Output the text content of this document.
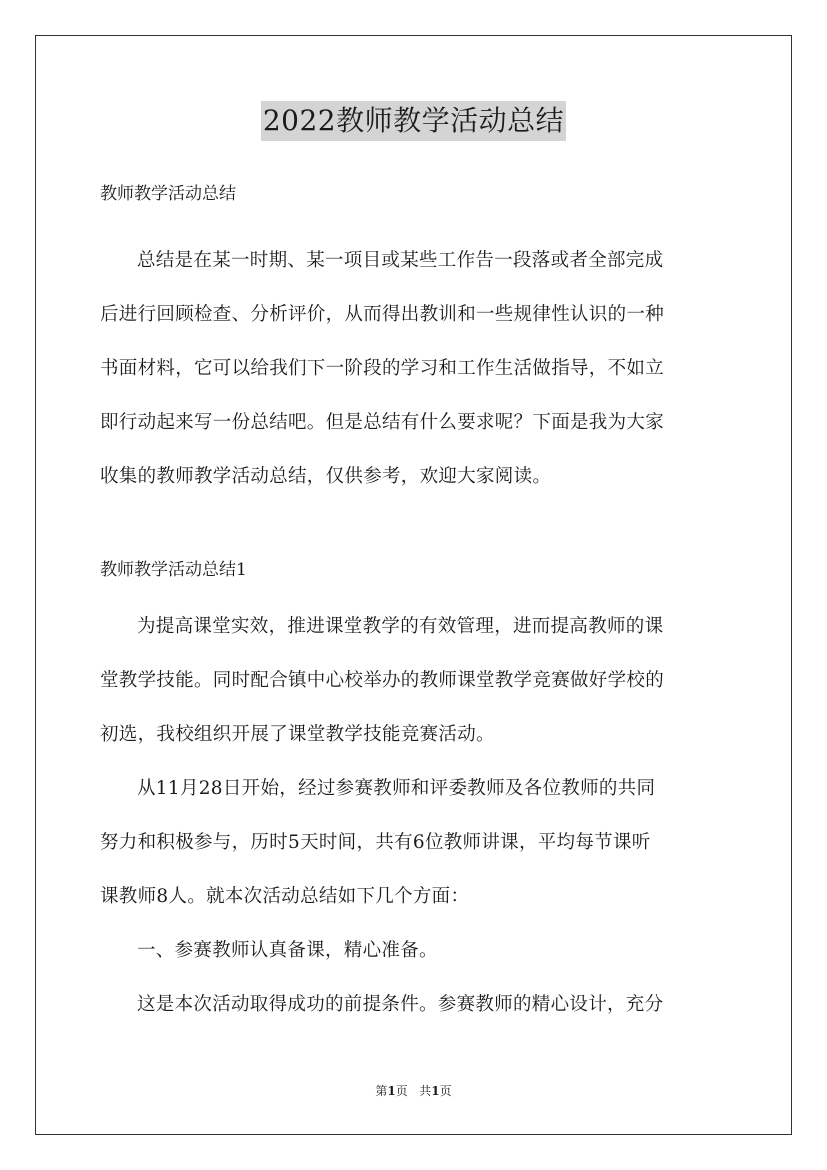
2022教师教学活动总结
教师教学活动总结
总结是在某一时期、某一项目或某些工作告一段落或者全部完成
后进行回顾检查、分析评价，从而得出教训和一些规律性认识的一种
书面材料，它可以给我们下一阶段的学习和工作生活做指导，不如立
即行动起来写一份总结吧。但是总结有什么要求呢？下面是我为大家
收集的教师教学活动总结，仅供参考，欢迎大家阅读。
教师教学活动总结1
为提高课堂实效，推进课堂教学的有效管理，进而提高教师的课
堂教学技能。同时配合镇中心校举办的教师课堂教学竞赛做好学校的
初选，我校组织开展了课堂教学技能竞赛活动。
从11月28日开始，经过参赛教师和评委教师及各位教师的共同
努力和积极参与，历时5天时间，共有6位教师讲课，平均每节课听
课教师8人。就本次活动总结如下几个方面：
一、参赛教师认真备课，精心准备。
这是本次活动取得成功的前提条件。参赛教师的精心设计，充分
第1页 共1页
